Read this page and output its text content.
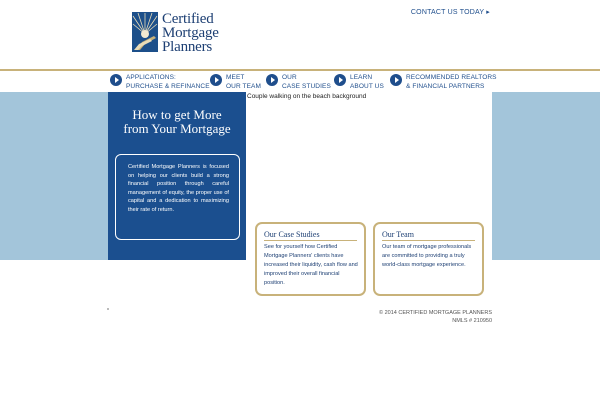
Certified
Mortgage
Planners
CONTACT US TODAY ▸
APPLICATIONS:
PURCHASE & REFINANCE
MEET
OUR TEAM
OUR
CASE STUDIES
LEARN
ABOUT US
RECOMMENDED REALTORS
& FINANCIAL PARTNERS
How to get More
from Your Mortgage
Certified Mortgage Planners is focused on helping our clients build a strong financial position through careful management of equity, the proper use of capital and a dedication to maximizing their rate of return.
Couple walking on the beach background
Our Case Studies
See for yourself how Certified Mortgage Planners' clients have increased their liquidity, cash flow and improved their overall financial position.
Our Team
Our team of mortgage professionals are committed to providing a truly world-class mortgage experience.
© 2014 CERTIFIED MORTGAGE PLANNERS
NMLS # 210950
